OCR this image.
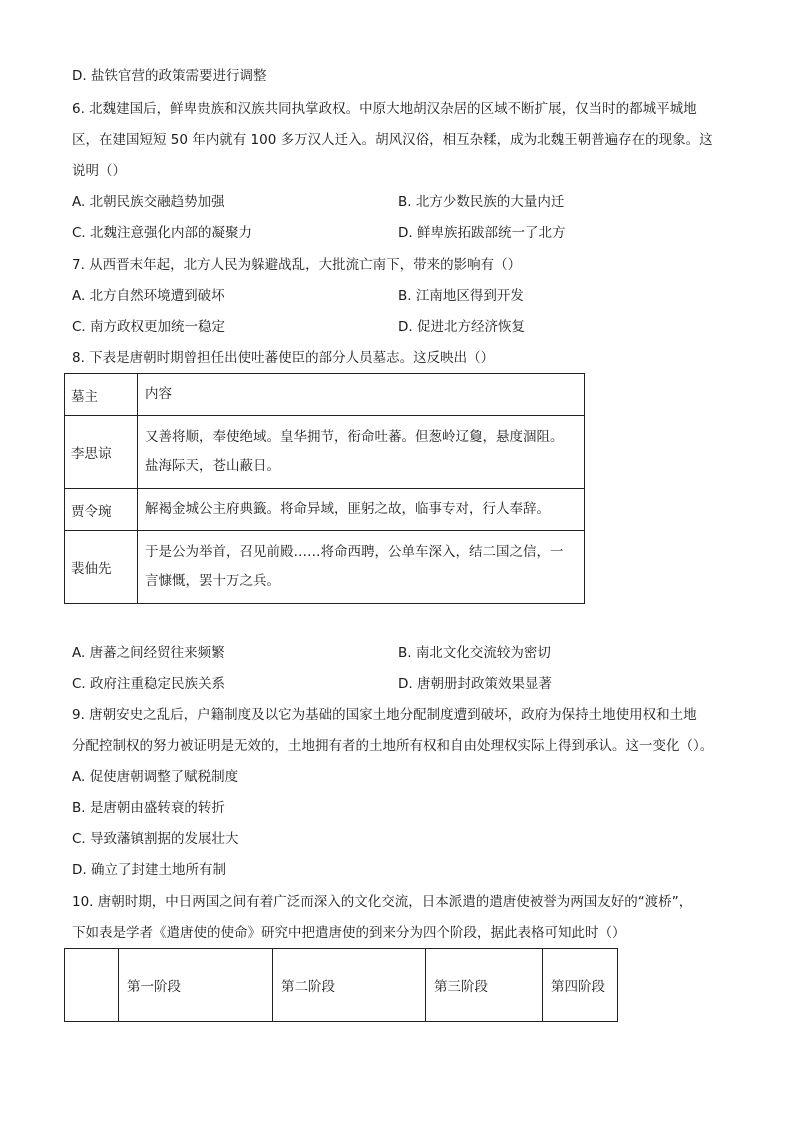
D. 盐铁官营的政策需要进行调整
6. 北魏建国后，鲜卑贵族和汉族共同执掌政权。中原大地胡汉杂居的区域不断扩展，仅当时的都城平城地
区，在建国短短 50 年内就有 100 多万汉人迁入。胡风汉俗，相互杂糅，成为北魏王朝普遍存在的现象。这
说明（）
A. 北朝民族交融趋势加强	B. 北方少数民族的大量内迁
C. 北魏注意强化内部的凝聚力	D. 鲜卑族拓跋部统一了北方
7. 从西晋末年起，北方人民为躲避战乱，大批流亡南下，带来的影响有（）
A. 北方自然环境遭到破坏	B. 江南地区得到开发
C. 南方政权更加统一稳定	D. 促进北方经济恢复
8. 下表是唐朝时期曾担任出使吐蕃使臣的部分人员墓志。这反映出（）
墓主	内容
李思谅	又善将顺，奉使绝域。皇华拥节，衔命吐蕃。但葱岭辽敻，悬度涸阻。
盐海际天，苍山蔽日。

贾令琬	解褐金城公主府典籤。将命异域，匪躬之故，临事专对，行人奉辞。

裴伷先	于是公为举首，召见前殿……将命西聘，公单车深入，结二国之信，一
言慷慨，罢十万之兵。
A. 唐蕃之间经贸往来频繁	B. 南北文化交流较为密切
C. 政府注重稳定民族关系	D. 唐朝册封政策效果显著
9. 唐朝安史之乱后，户籍制度及以它为基础的国家土地分配制度遭到破坏，政府为保持土地使用权和土地
分配控制权的努力被证明是无效的，土地拥有者的土地所有权和自由处理权实际上得到承认。这一变化（）。
A. 促使唐朝调整了赋税制度
B. 是唐朝由盛转衰的转折
C. 导致藩镇割据的发展壮大
D. 确立了封建土地所有制
10. 唐朝时期，中日两国之间有着广泛而深入的文化交流，日本派遣的遣唐使被誉为两国友好的“渡桥”，
下如表是学者《遣唐使的使命》研究中把遣唐使的到来分为四个阶段，据此表格可知此时（）
	第一阶段	第二阶段	第三阶段	第四阶段
